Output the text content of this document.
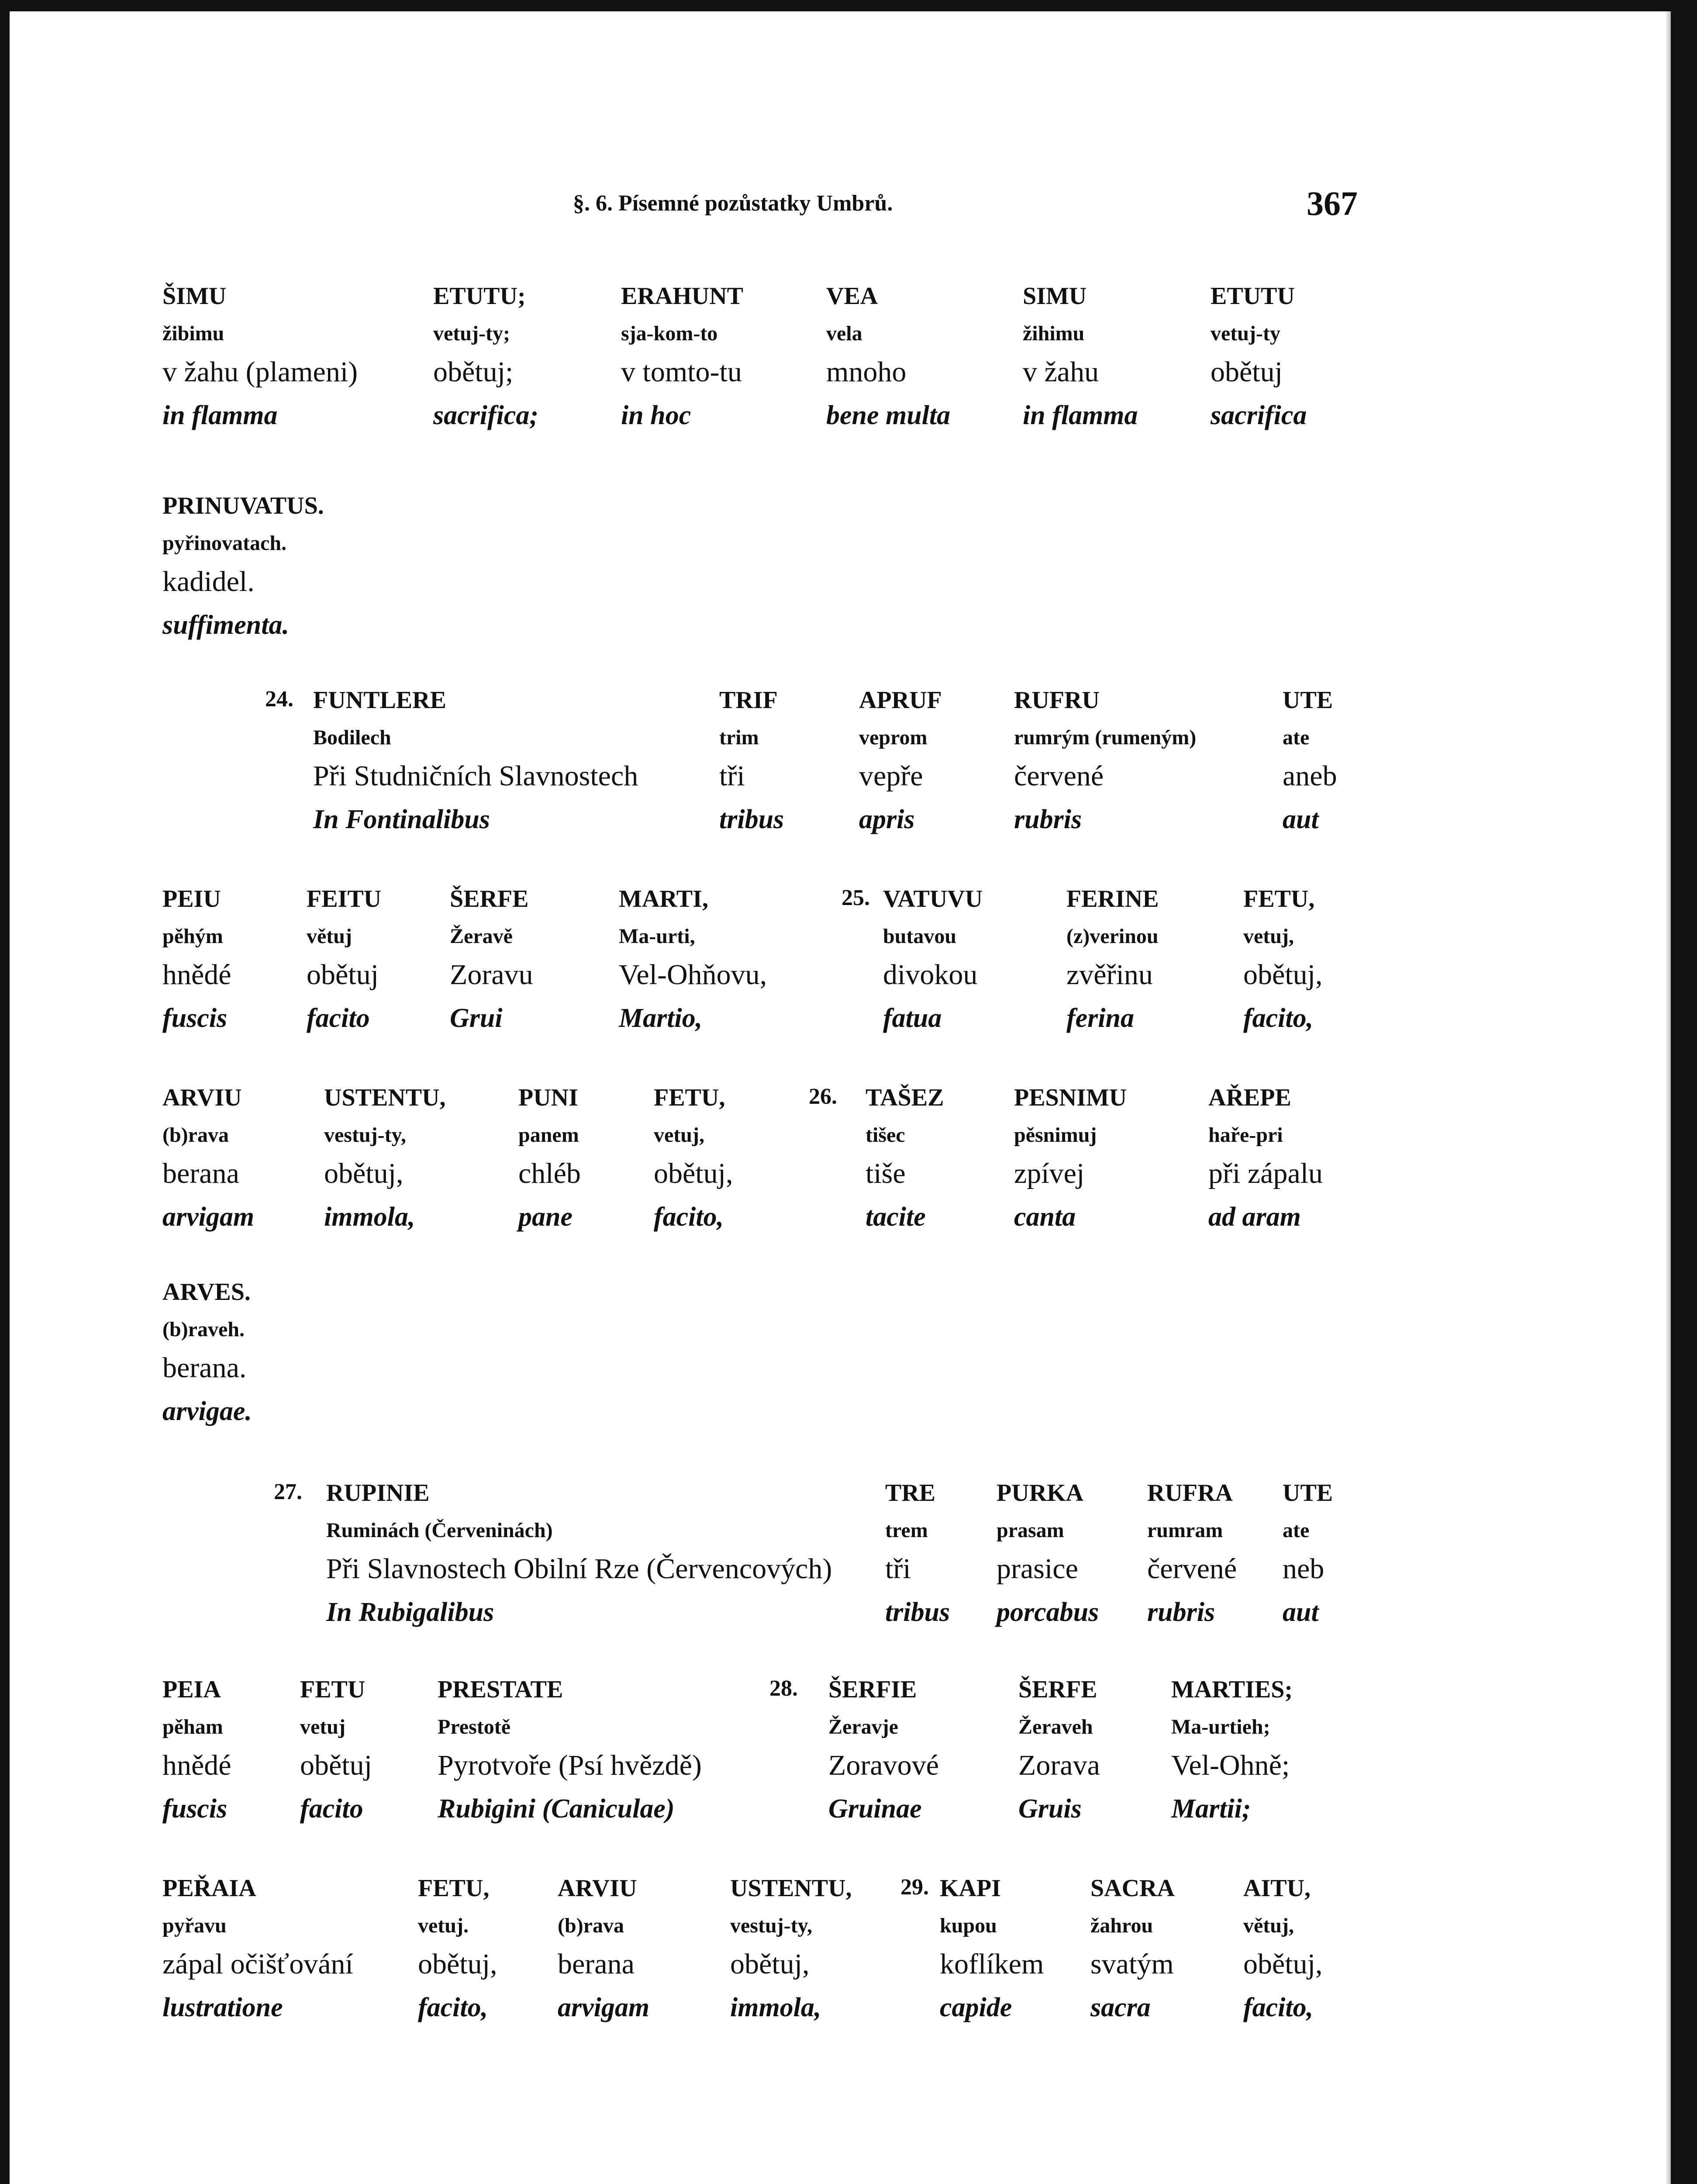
§. 6. Písemné pozůstatky Umbrů.	367
ŠIMU
žibimu
v žahu (plameni)
in flamma
ETUTU;
vetuj-ty;
obětuj;
sacrifica;
ERAHUNT
sja-kom-to
v tomto-tu
in hoc
VEA
vela
mnoho
bene multa
SIMU
žihimu
v žahu
in flamma
ETUTU
vetuj-ty
obětuj
sacrifica
PRINUVATUS.
pyřinovatach.
kadidel.
suffimenta.
24. FUNTLERE
Bodilech
Při Studničních Slavnostech
In Fontinalibus
TRIF
trim
tři
tribus
APRUF
veprom
vepře
apris
RUFRU
rumrým (rumeným)
červené
rubris
UTE
ate
aneb
aut
25.
PEIU
pěhým
hnědé
fuscis
FEITU
větuj
obětuj
facito
ŠERFE
Žeravě
Zoravu
Grui
MARTI,
Ma-urti,
Vel-Ohňovu,
Martio,
VATUVU
butavou
divokou
fatua
FERINE
(z)verinou
zvěřinu
ferina
FETU,
vetuj,
obětuj,
facito,
26.
ARVIU
(b)rava
berana
arvigam
USTENTU,
vestuj-ty,
obětuj,
immola,
PUNI
panem
chléb
pane
FETU,
vetuj,
obětuj,
facito,
TAŠEZ
tišec
tiše
tacite
PESNIMU
pěsnimuj
zpívej
canta
AŘEPE
haře-pri
při zápalu
ad aram
ARVES.
(b)raveh.
berana.
arvigae.
27. RUPINIE
Ruminách (Červeninách)
Při Slavnostech Obilní Rze (Červencových)
In Rubigalibus
TRE
trem
tři
tribus
PURKA
prasam
prasice
porcabus
RUFRA
rumram
červené
rubris
UTE
ate
neb
aut
28.
PEIA
pěham
hnědé
fuscis
FETU
vetuj
obětuj
facito
PRESTATE
Prestotě
Pyrotvoře (Psí hvězdě)
Rubigini (Caniculae)
ŠERFIE
Žeravje
Zoravové
Gruinae
ŠERFE
Žeraveh
Zorava
Gruis
MARTIES;
Ma-urtieh;
Vel-Ohně;
Martii;
29.
PEŘAIA
pyřavu
zápal očišťování
lustratione
FETU,
vetuj.
obětuj,
facito,
ARVIU
(b)rava
berana
arvigam
USTENTU,
vestuj-ty,
obětuj,
immola,
KAPI
kupou
koflíkem
capide
SACRA
žahrou
svatým
sacra
AITU,
větuj,
obětuj,
facito,
